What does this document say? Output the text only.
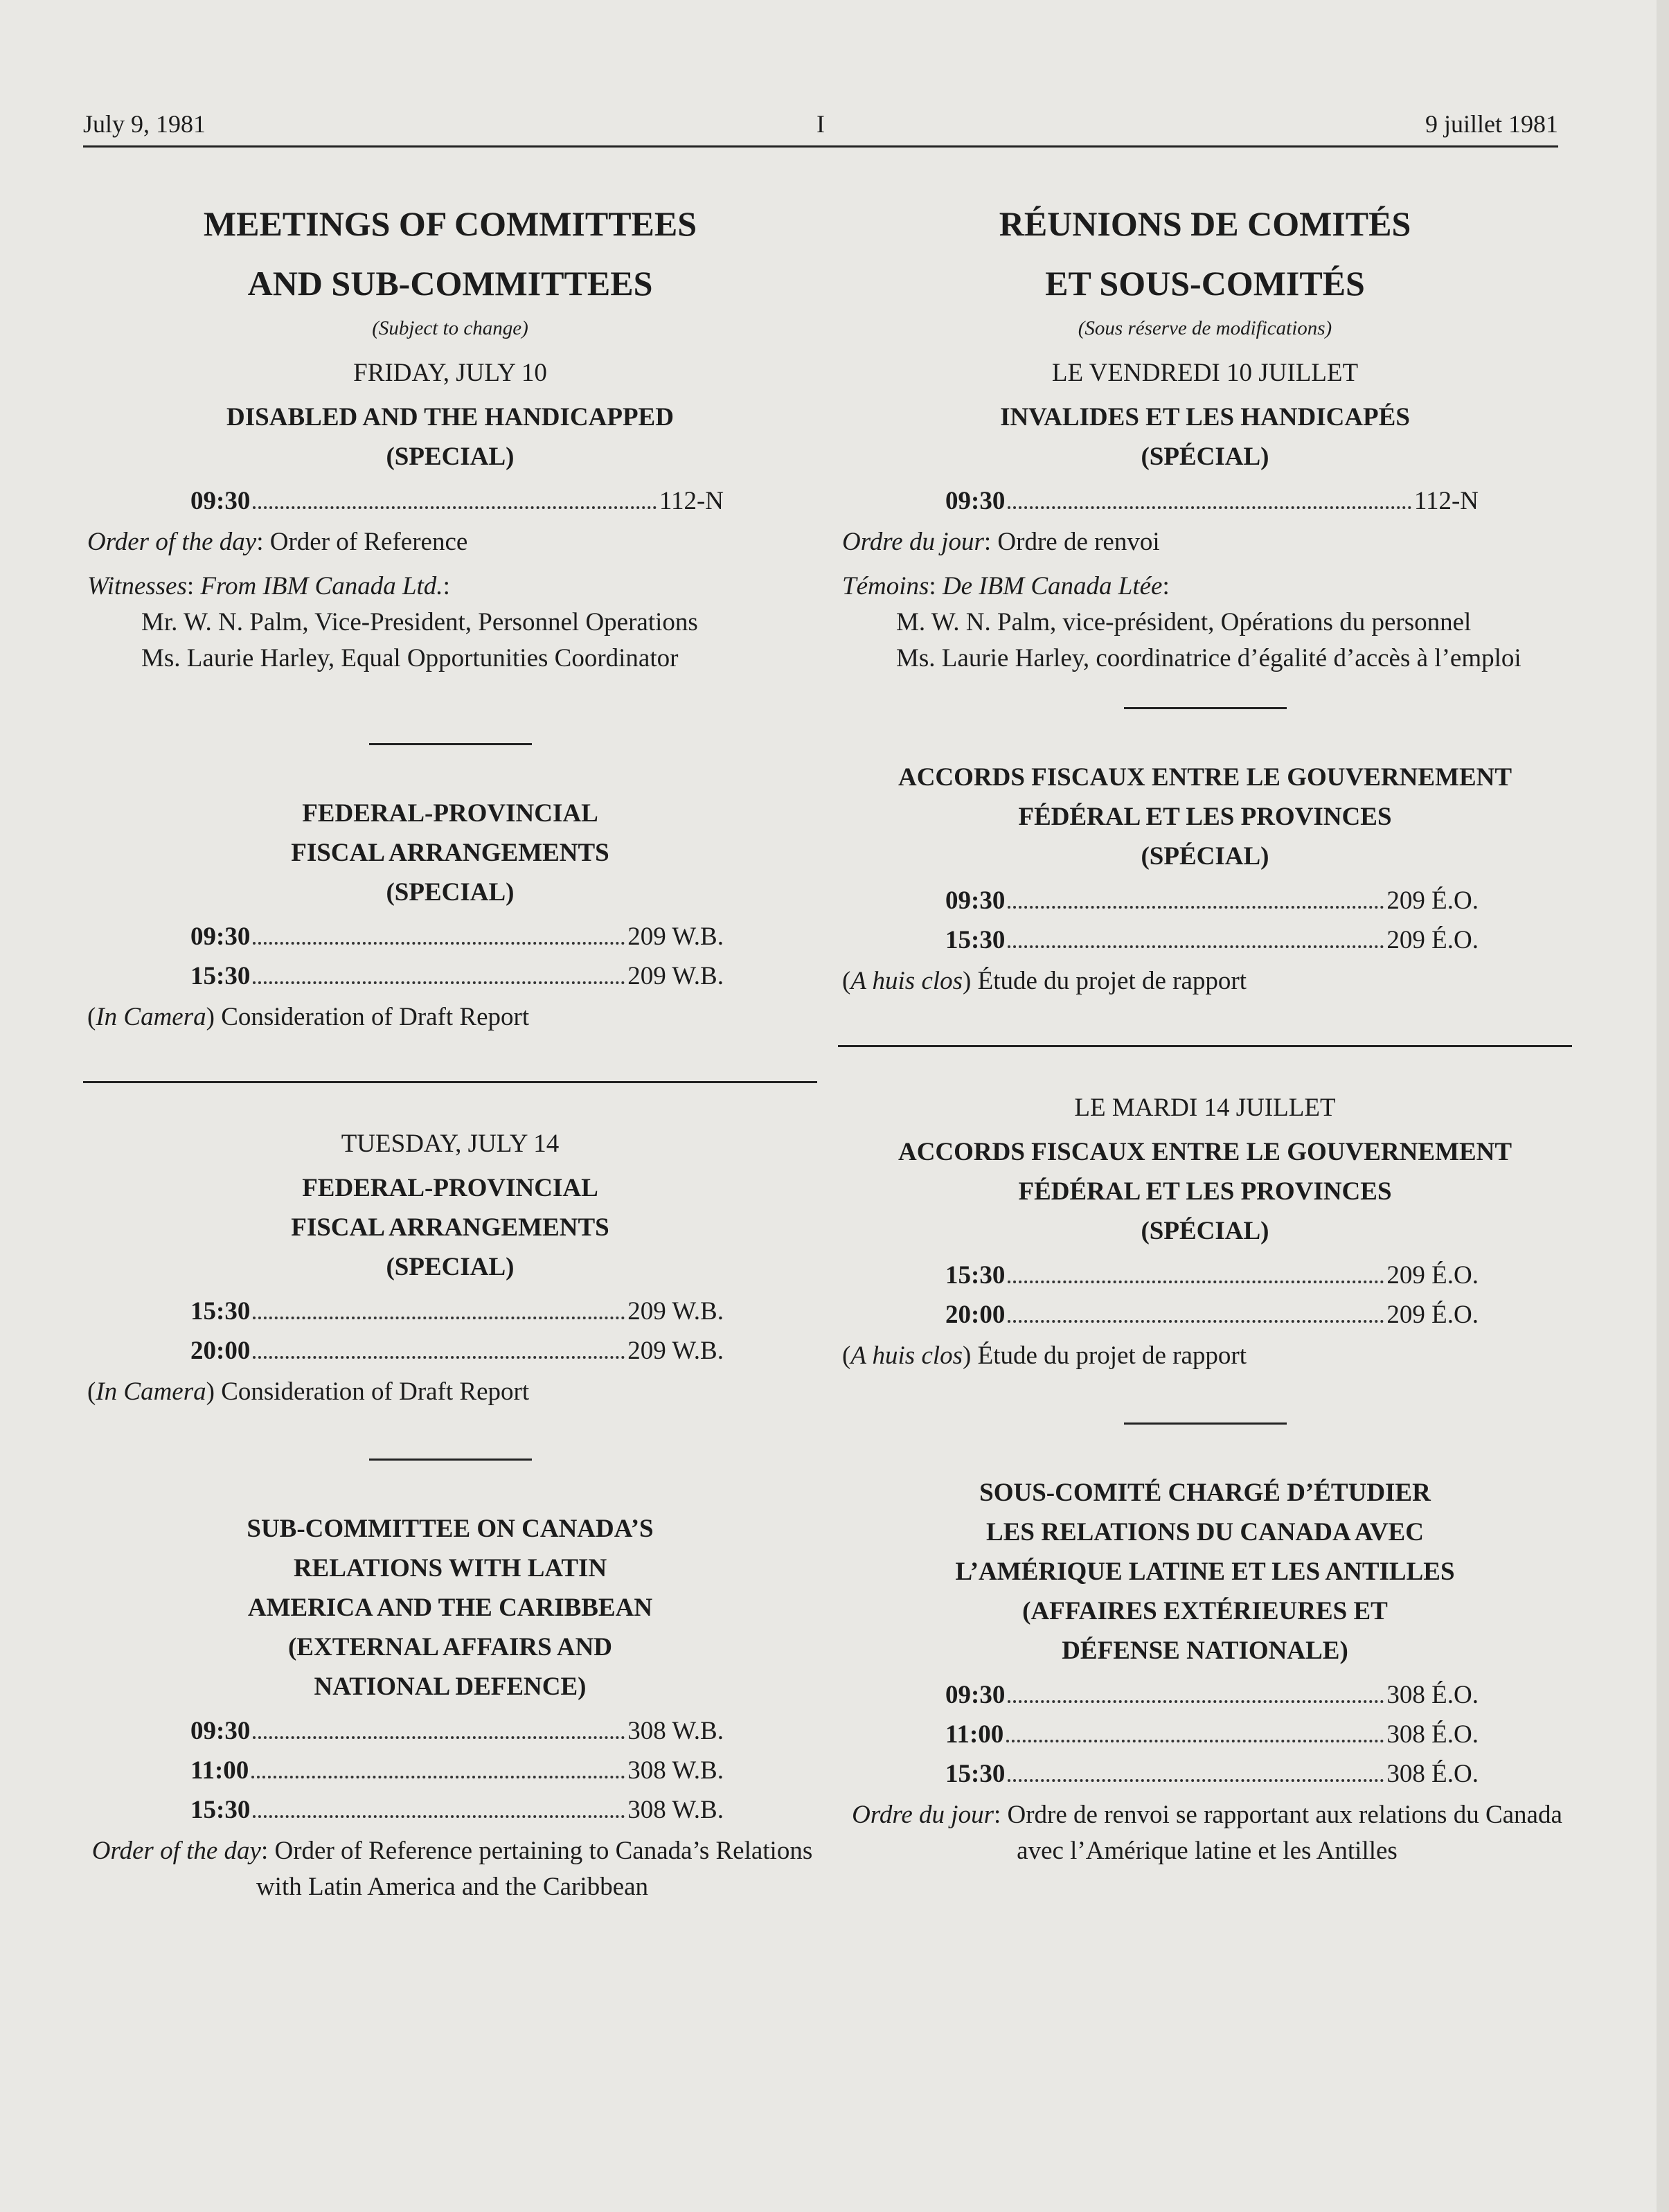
July 9, 1981	I	9 juillet 1981
MEETINGS OF COMMITTEES
AND SUB-COMMITTEES
(Subject to change)
FRIDAY, JULY 10
DISABLED AND THE HANDICAPPED
(SPECIAL)
09:30	112-N
Order of the day: Order of Reference
Witnesses: From IBM Canada Ltd.:
Mr. W. N. Palm, Vice-President, Personnel Operations
Ms. Laurie Harley, Equal Opportunities Coordinator
FEDERAL-PROVINCIAL
FISCAL ARRANGEMENTS
(SPECIAL)
09:30	209 W.B.
15:30	209 W.B.
(In Camera) Consideration of Draft Report
TUESDAY, JULY 14
FEDERAL-PROVINCIAL
FISCAL ARRANGEMENTS
(SPECIAL)
15:30	209 W.B.
20:00	209 W.B.
(In Camera) Consideration of Draft Report
SUB-COMMITTEE ON CANADA’S
RELATIONS WITH LATIN
AMERICA AND THE CARIBBEAN
(EXTERNAL AFFAIRS AND
NATIONAL DEFENCE)
09:30	308 W.B.
11:00	308 W.B.
15:30	308 W.B.
Order of the day: Order of Reference pertaining to Canada’s Relations with Latin America and the Caribbean
RÉUNIONS DE COMITÉS
ET SOUS-COMITÉS
(Sous réserve de modifications)
LE VENDREDI 10 JUILLET
INVALIDES ET LES HANDICAPÉS
(SPÉCIAL)
09:30	112-N
Ordre du jour: Ordre de renvoi
Témoins: De IBM Canada Ltée:
M. W. N. Palm, vice-président, Opérations du personnel
Ms. Laurie Harley, coordinatrice d’égalité d’accès à l’emploi
ACCORDS FISCAUX ENTRE LE GOUVERNEMENT
FÉDÉRAL ET LES PROVINCES
(SPÉCIAL)
09:30	209 É.O.
15:30	209 É.O.
(A huis clos) Étude du projet de rapport
LE MARDI 14 JUILLET
ACCORDS FISCAUX ENTRE LE GOUVERNEMENT
FÉDÉRAL ET LES PROVINCES
(SPÉCIAL)
15:30	209 É.O.
20:00	209 É.O.
(A huis clos) Étude du projet de rapport
SOUS-COMITÉ CHARGÉ D’ÉTUDIER
LES RELATIONS DU CANADA AVEC
L’AMÉRIQUE LATINE ET LES ANTILLES
(AFFAIRES EXTÉRIEURES ET
DÉFENSE NATIONALE)
09:30	308 É.O.
11:00	308 É.O.
15:30	308 É.O.
Ordre du jour: Ordre de renvoi se rapportant aux relations du Canada avec l’Amérique latine et les Antilles
